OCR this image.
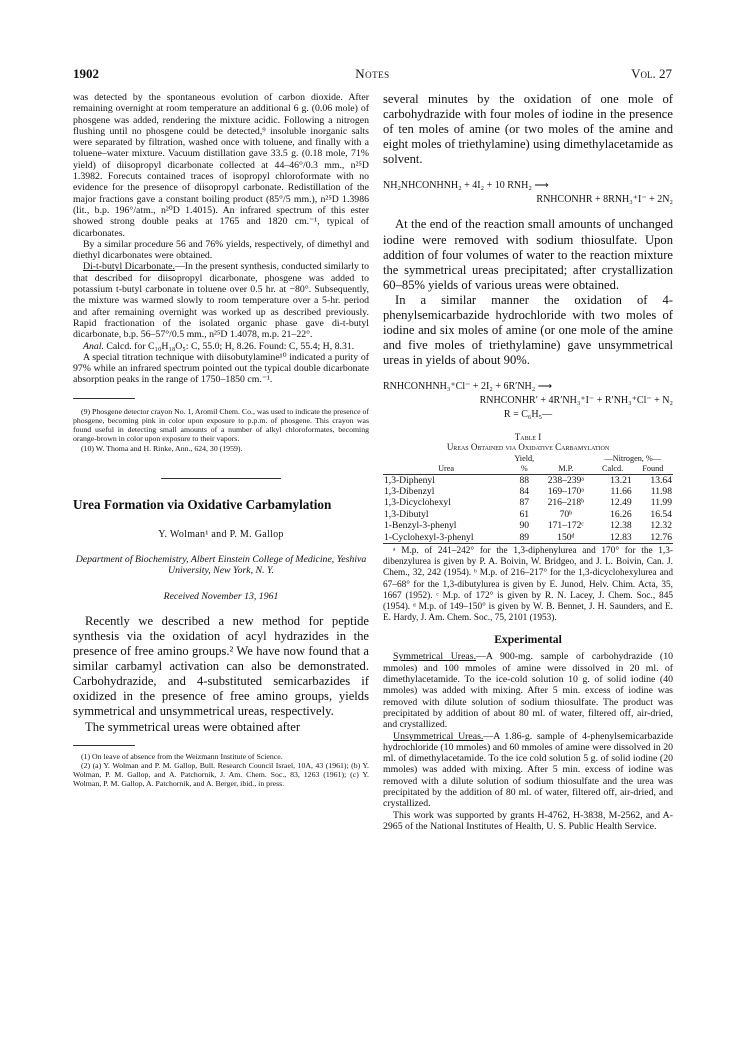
1902	Notes	Vol. 27

was detected by the spontaneous evolution of carbon dioxide. After remaining overnight at room temperature an additional 6 g. (0.06 mole) of phosgene was added, rendering the mixture acidic. Following a nitrogen flushing until no phosgene could be detected,⁹ insoluble inorganic salts were separated by filtration, washed once with toluene, and finally with a toluene–water mixture. Vacuum distillation gave 33.5 g. (0.18 mole, 71% yield) of diisopropyl dicarbonate collected at 44–46°/0.3 mm., n²⁵D 1.3982. Forecuts contained traces of isopropyl chloroformate with no evidence for the presence of diisopropyl carbonate. Redistillation of the major fractions gave a constant boiling product (85°/5 mm.), n²⁵D 1.3986 (lit., b.p. 196°/atm., n²⁰D 1.4015). An infrared spectrum of this ester showed strong double peaks at 1765 and 1820 cm.⁻¹, typical of dicarbonates.

By a similar procedure 56 and 76% yields, respectively, of dimethyl and diethyl dicarbonates were obtained.

Di-t-butyl Dicarbonate.—In the present synthesis, conducted similarly to that described for diisopropyl dicarbonate, phosgene was added to potassium t-butyl carbonate in toluene over 0.5 hr. at −80°. Subsequently, the mixture was warmed slowly to room temperature over a 5-hr. period and after remaining overnight was worked up as described previously. Rapid fractionation of the isolated organic phase gave di-t-butyl dicarbonate, b.p. 56–57°/0.5 mm., n²⁵D 1.4078, m.p. 21–22°.

Anal. Calcd. for C₁₀H₁₈O₅: C, 55.0; H, 8.26. Found: C, 55.4; H, 8.31.

A special titration technique with diisobutylamine¹⁰ indicated a purity of 97% while an infrared spectrum pointed out the typical double dicarbonate absorption peaks in the range of 1750–1850 cm.⁻¹.

(9) Phosgene detector crayon No. 1, Aromil Chem. Co., was used to indicate the presence of phosgene, becoming pink in color upon exposure to p.p.m. of phosgene. This crayon was found useful in detecting small amounts of a number of alkyl chloroformates, becoming orange-brown in color upon exposure to their vapors.

(10) W. Thoma and H. Rinke, Ann., 624, 30 (1959).

Urea Formation via Oxidative Carbamylation
Y. Wolman¹ and P. M. Gallop
Department of Biochemistry, Albert Einstein College of Medicine, Yeshiva University, New York, N. Y.
Received November 13, 1961

Recently we described a new method for peptide synthesis via the oxidation of acyl hydrazides in the presence of free amino groups.² We have now found that a similar carbamyl activation can also be demonstrated. Carbohydrazide, and 4-substituted semicarbazides if oxidized in the presence of free amino groups, yields symmetrical and unsymmetrical ureas, respectively.

The symmetrical ureas were obtained after

(1) On leave of absence from the Weizmann Institute of Science.

(2) (a) Y. Wolman and P. M. Gallop, Bull. Research Council Israel, 10A, 43 (1961); (b) Y. Wolman, P. M. Gallop, and A. Patchornik, J. Am. Chem. Soc., 83, 1263 (1961); (c) Y. Wolman, P. M. Gallop, A. Patchornik, and A. Berger, ibid., in press.

several minutes by the oxidation of one mole of carbohydrazide with four moles of iodine in the presence of ten moles of amine (or two moles of the amine and eight moles of triethylamine) using dimethylacetamide as solvent.

NH₂NHCONHNH₂ + 4I₂ + 10 RNH₂ ⟶
RNHCONHR + 8RNH₃⁺I⁻ + 2N₂

At the end of the reaction small amounts of unchanged iodine were removed with sodium thiosulfate. Upon addition of four volumes of water to the reaction mixture the symmetrical ureas precipitated; after crystallization 60–85% yields of various ureas were obtained.

In a similar manner the oxidation of 4-phenylsemicarbazide hydrochloride with two moles of iodine and six moles of amine (or one mole of the amine and five moles of triethylamine) gave unsymmetrical ureas in yields of about 90%.

RNHCONHNH₃⁺Cl⁻ + 2I₂ + 6R′NH₂ ⟶
RNHCONHR′ + 4R′NH₃⁺I⁻ + R′NH₃⁺Cl⁻ + N₂
R = C₆H₅—
Table I
Ureas Obtained via Oxidative Carbamylation
	Yield,		—Nitrogen, %—	
Urea	%	M.P.	Calcd.	Found
1,3-Diphenyl	88	238–239ᵃ	13.21	13.64
1,3-Dibenzyl	84	169–170ᵃ	11.66	11.98
1,3-Dicyclohexyl	87	216–218ᵇ	12.49	11.99
1,3-Dibutyl	61	70ᵇ	16.26	16.54
1-Benzyl-3-phenyl	90	171–172ᶜ	12.38	12.32
1-Cyclohexyl-3-phenyl	89	150ᵈ	12.83	12.76

ᵃ M.p. of 241–242° for the 1,3-diphenylurea and 170° for the 1,3-dibenzylurea is given by P. A. Boivin, W. Bridgeo, and J. L. Boivin, Can. J. Chem., 32, 242 (1954). ᵇ M.p. of 216–217° for the 1,3-dicyclohexylurea and 67–68° for the 1,3-dibutylurea is given by E. Junod, Helv. Chim. Acta, 35, 1667 (1952). ᶜ M.p. of 172° is given by R. N. Lacey, J. Chem. Soc., 845 (1954). ᵈ M.p. of 149–150° is given by W. B. Bennet, J. H. Saunders, and E. E. Hardy, J. Am. Chem. Soc., 75, 2101 (1953).

Experimental

Symmetrical Ureas.—A 900-mg. sample of carbohydrazide (10 mmoles) and 100 mmoles of amine were dissolved in 20 ml. of dimethylacetamide. To the ice-cold solution 10 g. of solid iodine (40 mmoles) was added with mixing. After 5 min. excess of iodine was removed with dilute solution of sodium thiosulfate. The product was precipitated by addition of about 80 ml. of water, filtered off, air-dried, and crystallized.

Unsymmetrical Ureas.—A 1.86-g. sample of 4-phenylsemicarbazide hydrochloride (10 mmoles) and 60 mmoles of amine were dissolved in 20 ml. of dimethylacetamide. To the ice cold solution 5 g. of solid iodine (20 mmoles) was added with mixing. After 5 min. excess of iodine was removed with a dilute solution of sodium thiosulfate and the urea was precipitated by the addition of 80 ml. of water, filtered off, air-dried, and crystallized.

This work was supported by grants H-4762, H-3838, M-2562, and A-2965 of the National Institutes of Health, U. S. Public Health Service.
